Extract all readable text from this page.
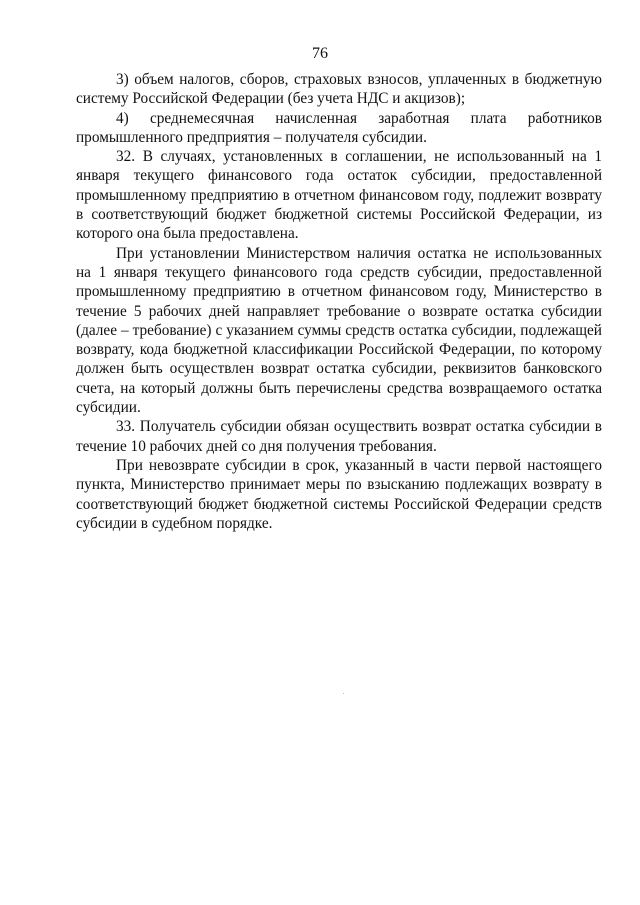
76

3) объем налогов, сборов, страховых взносов, уплаченных в бюджетную систему Российской Федерации (без учета НДС и акцизов);

4) среднемесячная начисленная заработная плата работников промышленного предприятия – получателя субсидии.

32. В случаях, установленных в соглашении, не использованный на 1 января текущего финансового года остаток субсидии, предоставленной промышленному предприятию в отчетном финансовом году, подлежит возврату в соответствующий бюджет бюджетной системы Российской Федерации, из которого она была предоставлена.

При установлении Министерством наличия остатка не использованных на 1 января текущего финансового года средств субсидии, предоставленной промышленному предприятию в отчетном финансовом году, Министерство в течение 5 рабочих дней направляет требование о возврате остатка субсидии (далее – требование) с указанием суммы средств остатка субсидии, подлежащей возврату, кода бюджетной классификации Российской Федерации, по которому должен быть осуществлен возврат остатка субсидии, реквизитов банковского счета, на который должны быть перечислены средства возвращаемого остатка субсидии.

33. Получатель субсидии обязан осуществить возврат остатка субсидии в течение 10 рабочих дней со дня получения требования.

При невозврате субсидии в срок, указанный в части первой настоящего пункта, Министерство принимает меры по взысканию подлежащих возврату в соответствующий бюджет бюджетной системы Российской Федерации средств субсидии в судебном порядке.
